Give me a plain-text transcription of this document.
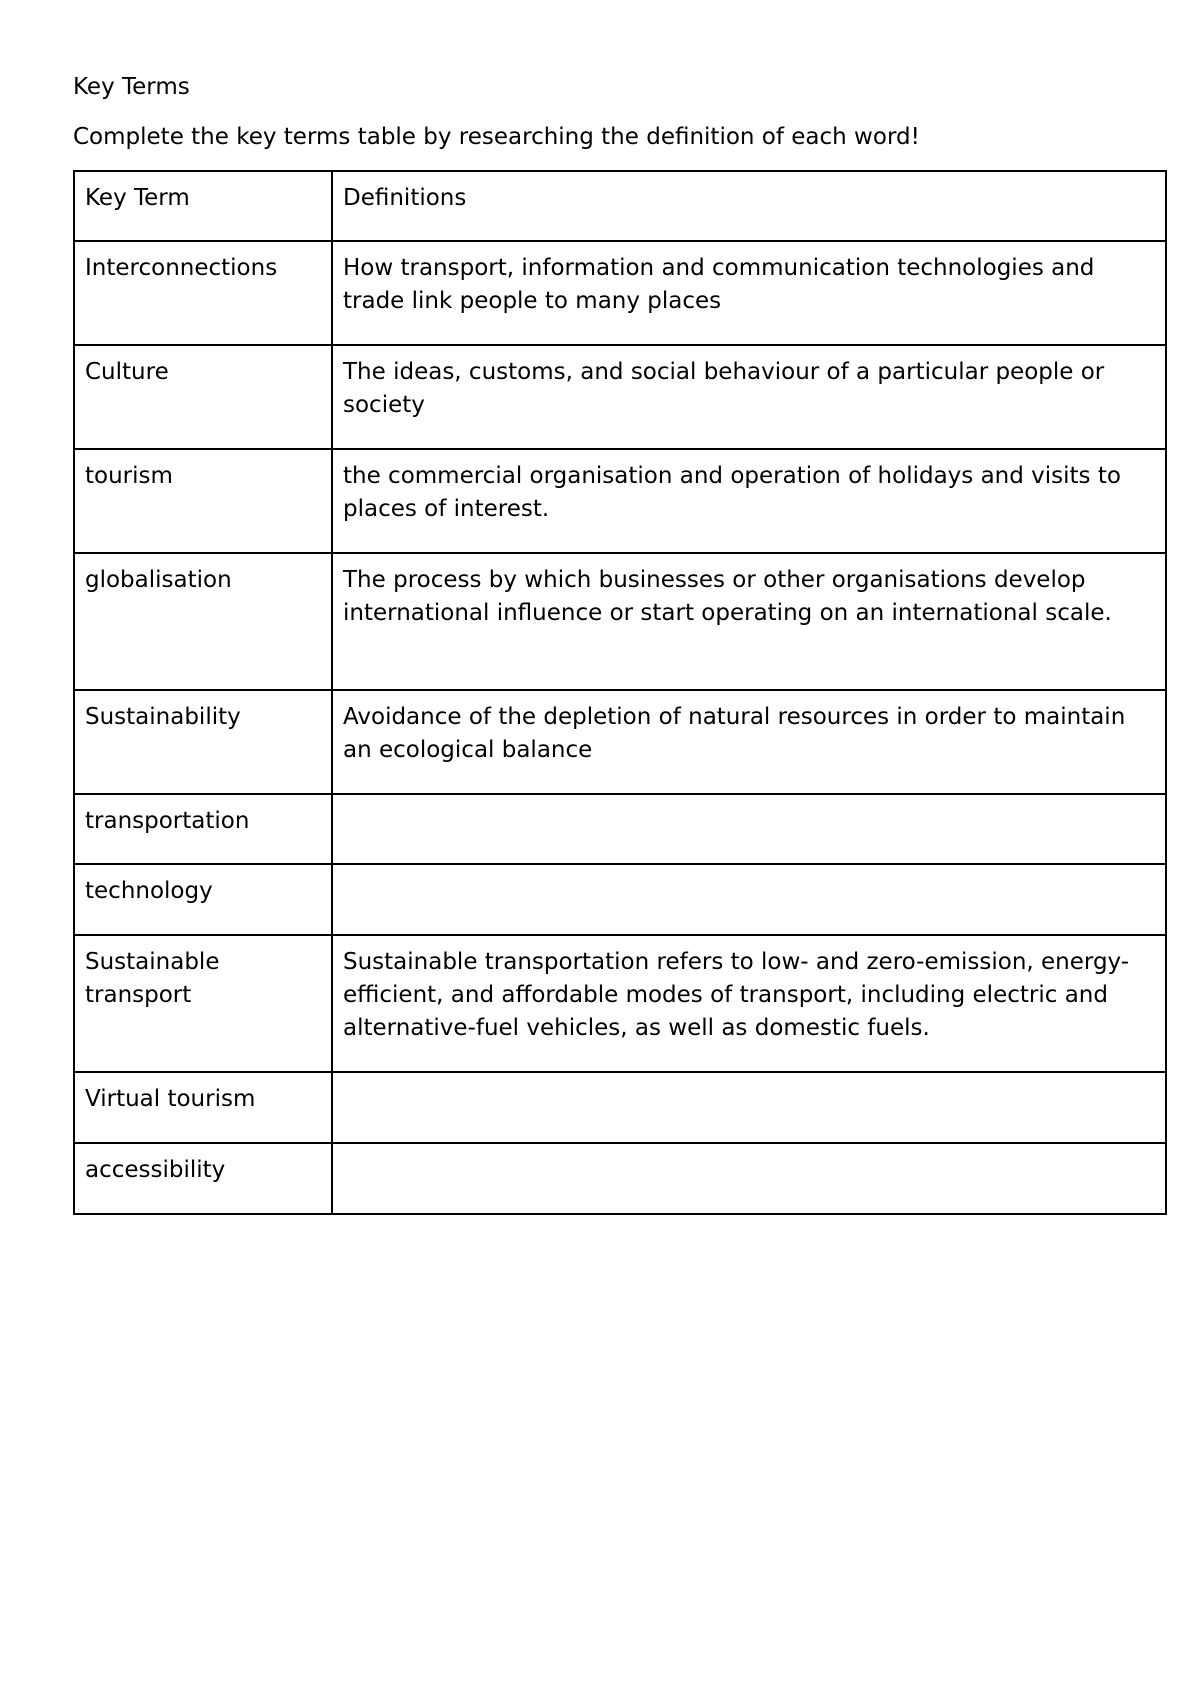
Key Terms

Complete the key terms table by researching the definition of each word!

Key Term	Definitions
Interconnections	How transport, information and communication technologies and trade link people to many places
Culture	The ideas, customs, and social behaviour of a particular people or society
tourism	the commercial organisation and operation of holidays and visits to places of interest.
globalisation	The process by which businesses or other organisations develop international influence or start operating on an international scale.
Sustainability	Avoidance of the depletion of natural resources in order to maintain an ecological balance
transportation	
technology	
Sustainable transport	Sustainable transportation refers to low- and zero-emission, energy-efficient, and affordable modes of transport, including electric and alternative-fuel vehicles, as well as domestic fuels.
Virtual tourism	
accessibility	
